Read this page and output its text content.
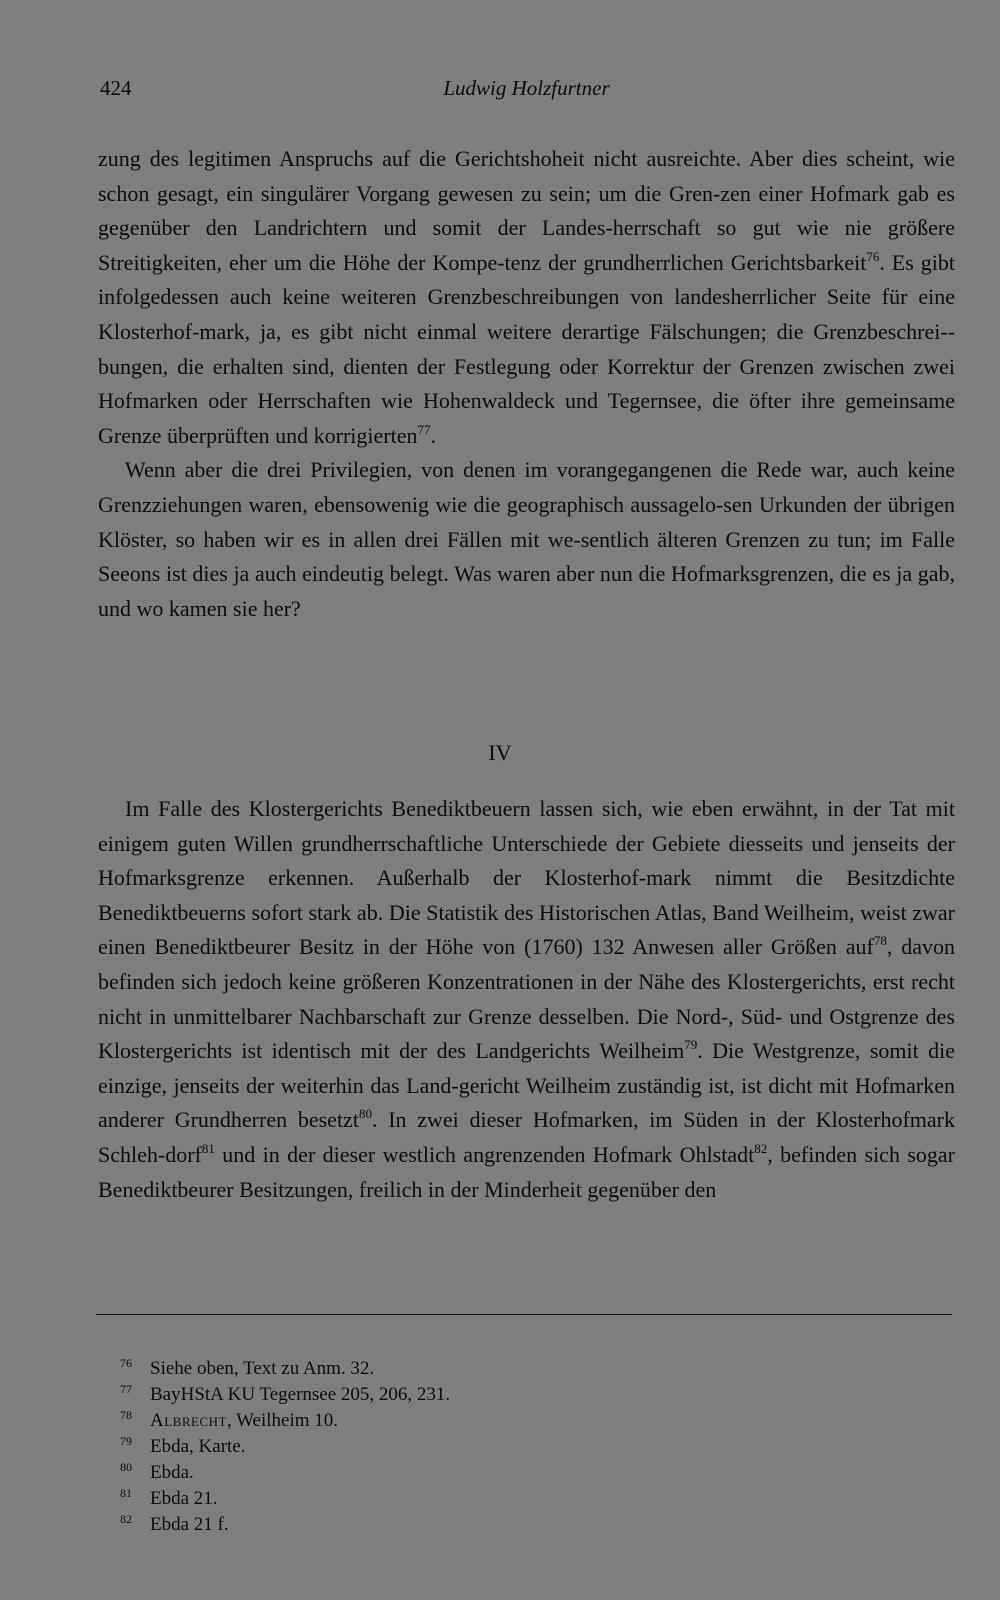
424	Ludwig Holzfurtner

zung des legitimen Anspruchs auf die Gerichtshoheit nicht ausreichte. Aber dies scheint, wie schon gesagt, ein singulärer Vorgang gewesen zu sein; um die Gren-zen einer Hofmark gab es gegenüber den Landrichtern und somit der Landes-herrschaft so gut wie nie größere Streitigkeiten, eher um die Höhe der Kompe-tenz der grundherrlichen Gerichtsbarkeit$^{76}$. Es gibt infolgedessen auch keine weiteren Grenzbeschreibungen von landesherrlicher Seite für eine Klosterhof-mark, ja, es gibt nicht einmal weitere derartige Fälschungen; die Grenzbeschrei-bungen, die erhalten sind, dienten der Festlegung oder Korrektur der Grenzen zwischen zwei Hofmarken oder Herrschaften wie Hohenwaldeck und Tegernsee, die öfter ihre gemeinsame Grenze überprüften und korrigierten$^{77}$.

Wenn aber die drei Privilegien, von denen im vorangegangenen die Rede war, auch keine Grenzziehungen waren, ebensowenig wie die geographisch aussagelo-sen Urkunden der übrigen Klöster, so haben wir es in allen drei Fällen mit we-sentlich älteren Grenzen zu tun; im Falle Seeons ist dies ja auch eindeutig belegt. Was waren aber nun die Hofmarksgrenzen, die es ja gab, und wo kamen sie her?

IV

Im Falle des Klostergerichts Benediktbeuern lassen sich, wie eben erwähnt, in der Tat mit einigem guten Willen grundherrschaftliche Unterschiede der Gebiete diesseits und jenseits der Hofmarksgrenze erkennen. Außerhalb der Klosterhof-mark nimmt die Besitzdichte Benediktbeuerns sofort stark ab. Die Statistik des Historischen Atlas, Band Weilheim, weist zwar einen Benediktbeurer Besitz in der Höhe von (1760) 132 Anwesen aller Größen auf$^{78}$, davon befinden sich jedoch keine größeren Konzentrationen in der Nähe des Klostergerichts, erst recht nicht in unmittelbarer Nachbarschaft zur Grenze desselben. Die Nord-, Süd- und Ostgrenze des Klostergerichts ist identisch mit der des Landgerichts Weilheim$^{79}$. Die Westgrenze, somit die einzige, jenseits der weiterhin das Land-gericht Weilheim zuständig ist, ist dicht mit Hofmarken anderer Grundherren besetzt$^{80}$. In zwei dieser Hofmarken, im Süden in der Klosterhofmark Schleh-dorf$^{81}$ und in der dieser westlich angrenzenden Hofmark Ohlstadt$^{82}$, befinden sich sogar Benediktbeurer Besitzungen, freilich in der Minderheit gegenüber den

76 Siehe oben, Text zu Anm. 32.
77 BayHStA KU Tegernsee 205, 206, 231.
78 Albrecht, Weilheim 10.
79 Ebda, Karte.
80 Ebda.
81 Ebda 21.
82 Ebda 21 f.
